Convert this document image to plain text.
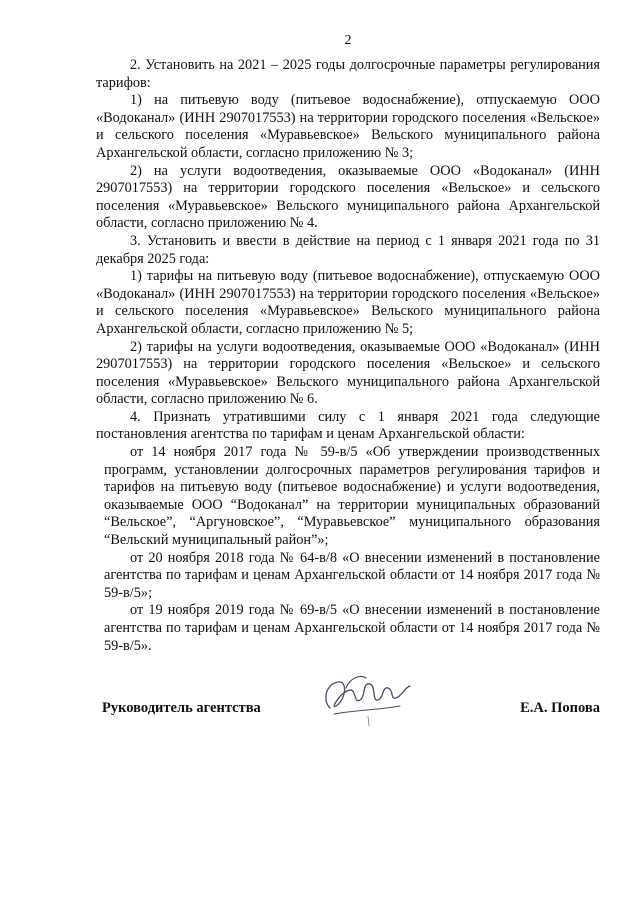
2

2. Установить на 2021 – 2025 годы долгосрочные параметры регулирования тарифов:

1) на питьевую воду (питьевое водоснабжение), отпускаемую ООО «Водоканал» (ИНН 2907017553) на территории городского поселения «Вельское» и сельского поселения «Муравьевское» Вельского муниципального района Архангельской области, согласно приложению № 3;

2) на услуги водоотведения, оказываемые ООО «Водоканал» (ИНН 2907017553) на территории городского поселения «Вельское» и сельского поселения «Муравьевское» Вельского муниципального района Архангельской области, согласно приложению № 4.

3. Установить и ввести в действие на период с 1 января 2021 года по 31 декабря 2025 года:

1) тарифы на питьевую воду (питьевое водоснабжение), отпускаемую ООО «Водоканал» (ИНН 2907017553) на территории городского поселения «Вельское» и сельского поселения «Муравьевское» Вельского муниципального района Архангельской области, согласно приложению № 5;

2) тарифы на услуги водоотведения, оказываемые ООО «Водоканал» (ИНН 2907017553) на территории городского поселения «Вельское» и сельского поселения «Муравьевское» Вельского муниципального района Архангельской области, согласно приложению № 6.

4. Признать утратившими силу с 1 января 2021 года следующие постановления агентства по тарифам и ценам Архангельской области:

от 14 ноября 2017 года № 59-в/5 «Об утверждении производственных программ, установлении долгосрочных параметров регулирования тарифов и тарифов на питьевую воду (питьевое водоснабжение) и услуги водоотведения, оказываемые ООО “Водоканал” на территории муниципальных образований “Вельское”, “Аргуновское”, “Муравьевское” муниципального образования “Вельский муниципальный район”»;

от 20 ноября 2018 года № 64-в/8 «О внесении изменений в постановление агентства по тарифам и ценам Архангельской области от 14 ноября 2017 года № 59-в/5»;

от 19 ноября 2019 года № 69-в/5 «О внесении изменений в постановление агентства по тарифам и ценам Архангельской области от 14 ноября 2017 года № 59-в/5».

Руководитель агентства	Е.А. Попова
